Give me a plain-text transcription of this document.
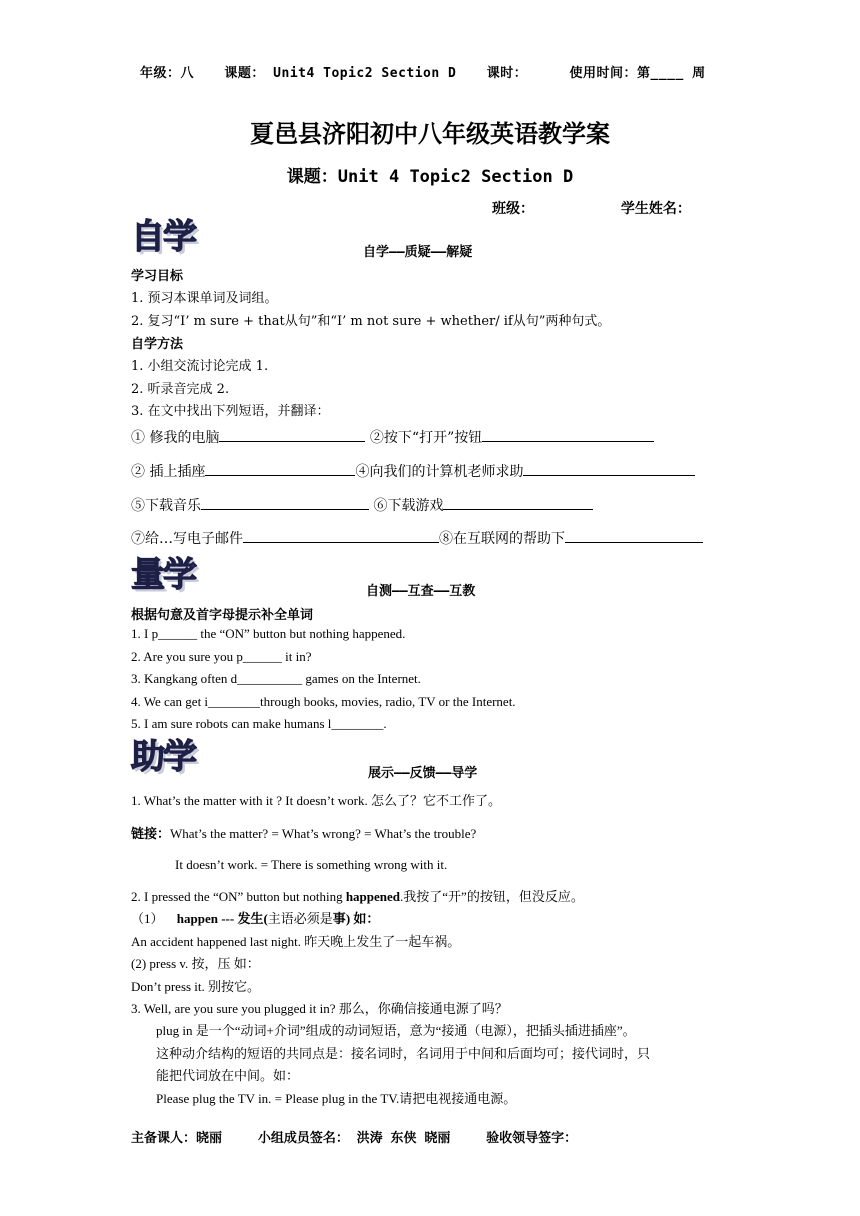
年级：八 课题： Unit4 Topic2 Section D 课时：	使用时间：第____ 周
夏邑县济阳初中八年级英语教学案
课题：Unit 4 Topic2 Section D
班级：	学生姓名：
自学	自学——质疑——解疑
学习目标
1. 预习本课单词及词组。
2. 复习“I’ m sure + that从句”和“I’ m not sure + whether/ if从句”两种句式。
自学方法
1. 小组交流讨论完成 1.
2. 听录音完成 2.
3. 在文中找出下列短语，并翻译：
① 修我的电脑	②按下“打开”按钮
② 插上插座	④向我们的计算机老师求助
⑤下载音乐	⑥下载游戏
⑦给…写电子邮件	⑧在互联网的帮助下
量学	自测——互查——互教
根据句意及首字母提示补全单词
1. I p______ the “ON” button but nothing happened.
2. Are you sure you p______ it in?
3. Kangkang often d__________ games on the Internet.
4. We can get i________through books, movies, radio, TV or the Internet.
5. I am sure robots can make humans l________.
助学	展示——反馈——导学
1. What’s the matter with it ? It doesn’t work. 怎么了？它不工作了。
链接：What’s the matter? = What’s wrong? = What’s the trouble?
It doesn’t work. = There is something wrong with it.
2. I pressed the “ON” button but nothing happened.我按了“开”的按钮，但没反应。
（1） happen --- 发生(主语必须是事) 如：
An accident happened last night. 昨天晚上发生了一起车祸。
(2) press v. 按，压 如：
Don’t press it. 别按它。
3. Well, are you sure you plugged it in? 那么，你确信接通电源了吗？
plug in 是一个“动词+介词”组成的动词短语，意为“接通（电源），把插头插进插座”。
这种动介结构的短语的共同点是：接名词时，名词用于中间和后面均可；接代词时，只
能把代词放在中间。如：
Please plug the TV in. = Please plug in the TV.请把电视接通电源。
主备课人：晓丽	小组成员签名： 洪涛 东侠 晓丽	验收领导签字：
